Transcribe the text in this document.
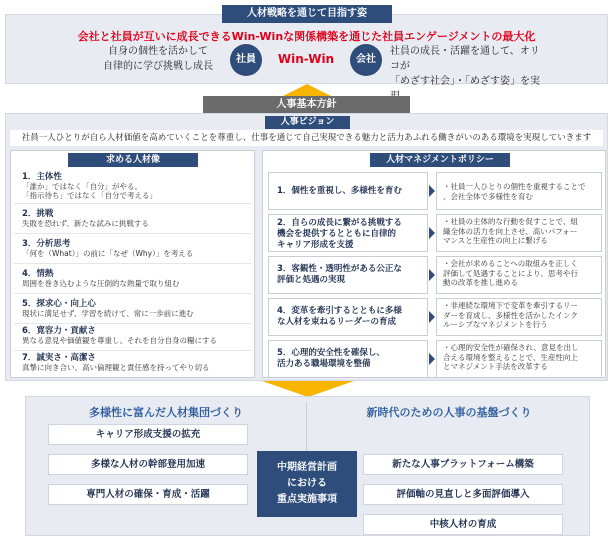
人材戦略を通じて目指す姿
会社と社員が互いに成長できるWin-Winな関係構築を通じた社員エンゲージメントの最大化
自身の個性を活かして
自律的に学び挑戦し成長
社員	Win-Win	会社
社員の成長・活躍を通して、オリコが
「めざす社会」・「めざす姿」を実
人事基本方針
人事ビジョン
社員一人ひとりが自ら人材価値を高めていくことを尊重し、仕事を通じて自己実現できる魅力と活力あふれる働きがいのある環境を実現していきます
求める人材像
1．主体性
「誰か」ではなく「自分」がやる。
「指示待ち」ではなく「自分で考える」
2．挑戦
失敗を恐れず、新たな試みに挑戦する
3．分析思考
「何を（What）」の前に「なぜ（Why）」を考える
4．情熱
周囲を巻き込むような圧倒的な熱量で取り組む
5．探求心・向上心
現状に満足せず、学習を続けて、常に一歩前に進む
6．寛容力・貢献さ
異なる意見や価値観を尊重し、それを自分自身の糧にする
7．誠実さ・高潔さ
真摯に向き合い、高い倫理観と責任感を持ってやり切る
人材マネジメントポリシー
1．個性を重視し、多様性を育む	・社員一人ひとりの個性を重視することで
、会社全体で多様性を育む
2．自らの成長に繋がる挑戦する
機会を提供するとともに自律的
キャリア形成を支援
・社員の主体的な行動を促すことで、組
織全体の活力を向上させ、高いパフォー
マンスと生産性の向上に繋げる
3．客観性・透明性がある公正な
評価と処遇の実現
・会社が求めることへの取組みを正しく
評価して処遇することにより、思考や行
動の改革を推し進める
4．変革を牽引するとともに多様
な人材を束ねるリーダーの育成
・非連続な環境下で変革を牽引するリー
ダーを育成し、多様性を活かしたインク
ルーシブなマネジメントを行う
5．心理的安全性を確保し、
活力ある職場環境を整備
・心理的安全性が確保され、意見を出し
合える環境を整えることで、生産性向上
とマネジメント手法を改革する
多様性に富んだ人材集団づくり
キャリア形成支援の拡充
多様な人材の幹部登用加速
専門人材の確保・育成・活躍
中期経営計画
における
重点実施事項
新時代のための人事の基盤づくり
新たな人事プラットフォーム構築
評価軸の見直しと多面評価導入
中核人材の育成
